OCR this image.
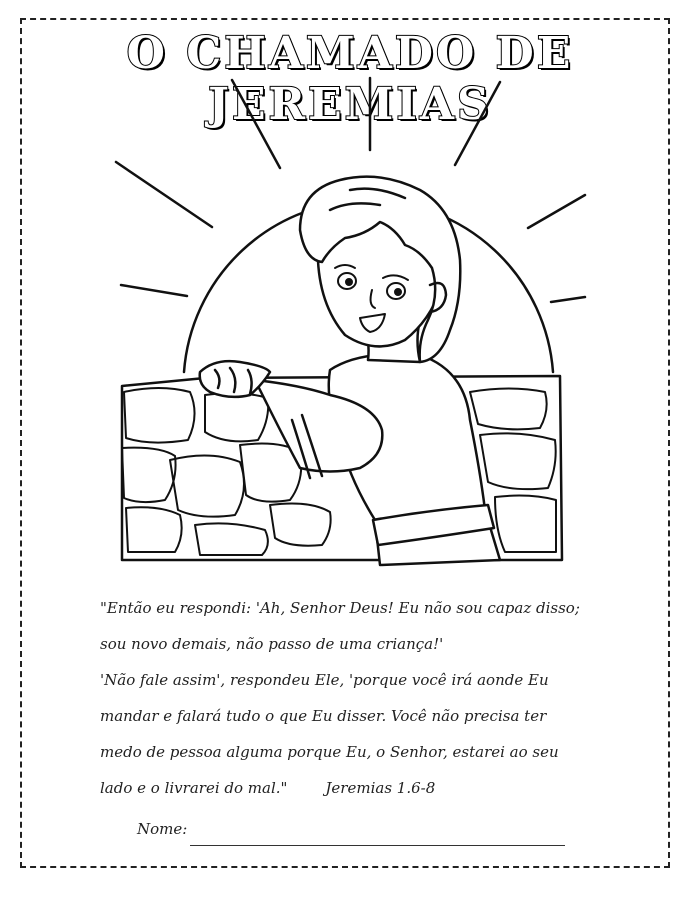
O CHAMADO DE JEREMIAS
"Então eu respondi: 'Ah, Senhor Deus! Eu não sou capaz disso;
sou novo demais, não passo de uma criança!'
'Não fale assim', respondeu Ele, 'porque você irá aonde Eu
mandar e falará tudo o que Eu disser. Você não precisa ter
medo de pessoa alguma porque Eu, o Senhor, estarei ao seu
lado e o livrarei do mal."	Jeremias 1.6-8
Nome:
